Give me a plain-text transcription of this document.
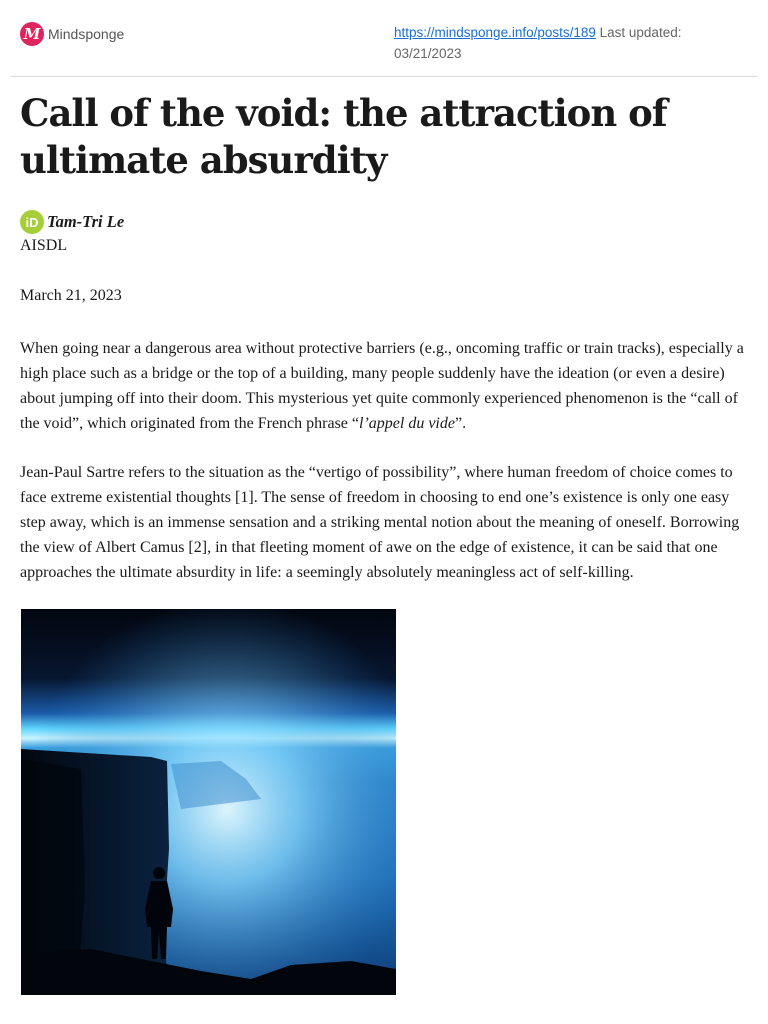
M Mindsponge	https://mindsponge.info/posts/189 Last updated: 03/21/2023
Call of the void: the attraction of ultimate absurdity
iD Tam-Tri Le
AISDL
March 21, 2023

When going near a dangerous area without protective barriers (e.g., oncoming traffic or train tracks), especially a high place such as a bridge or the top of a building, many people suddenly have the ideation (or even a desire) about jumping off into their doom. This mysterious yet quite commonly experienced phenomenon is the “call of the void”, which originated from the French phrase “l’appel du vide”.

Jean-Paul Sartre refers to the situation as the “vertigo of possibility”, where human freedom of choice comes to face extreme existential thoughts [1]. The sense of freedom in choosing to end one’s existence is only one easy step away, which is an immense sensation and a striking mental notion about the meaning of oneself. Borrowing the view of Albert Camus [2], in that fleeting moment of awe on the edge of existence, it can be said that one approaches the ultimate absurdity in life: a seemingly absolutely meaningless act of self-killing.
